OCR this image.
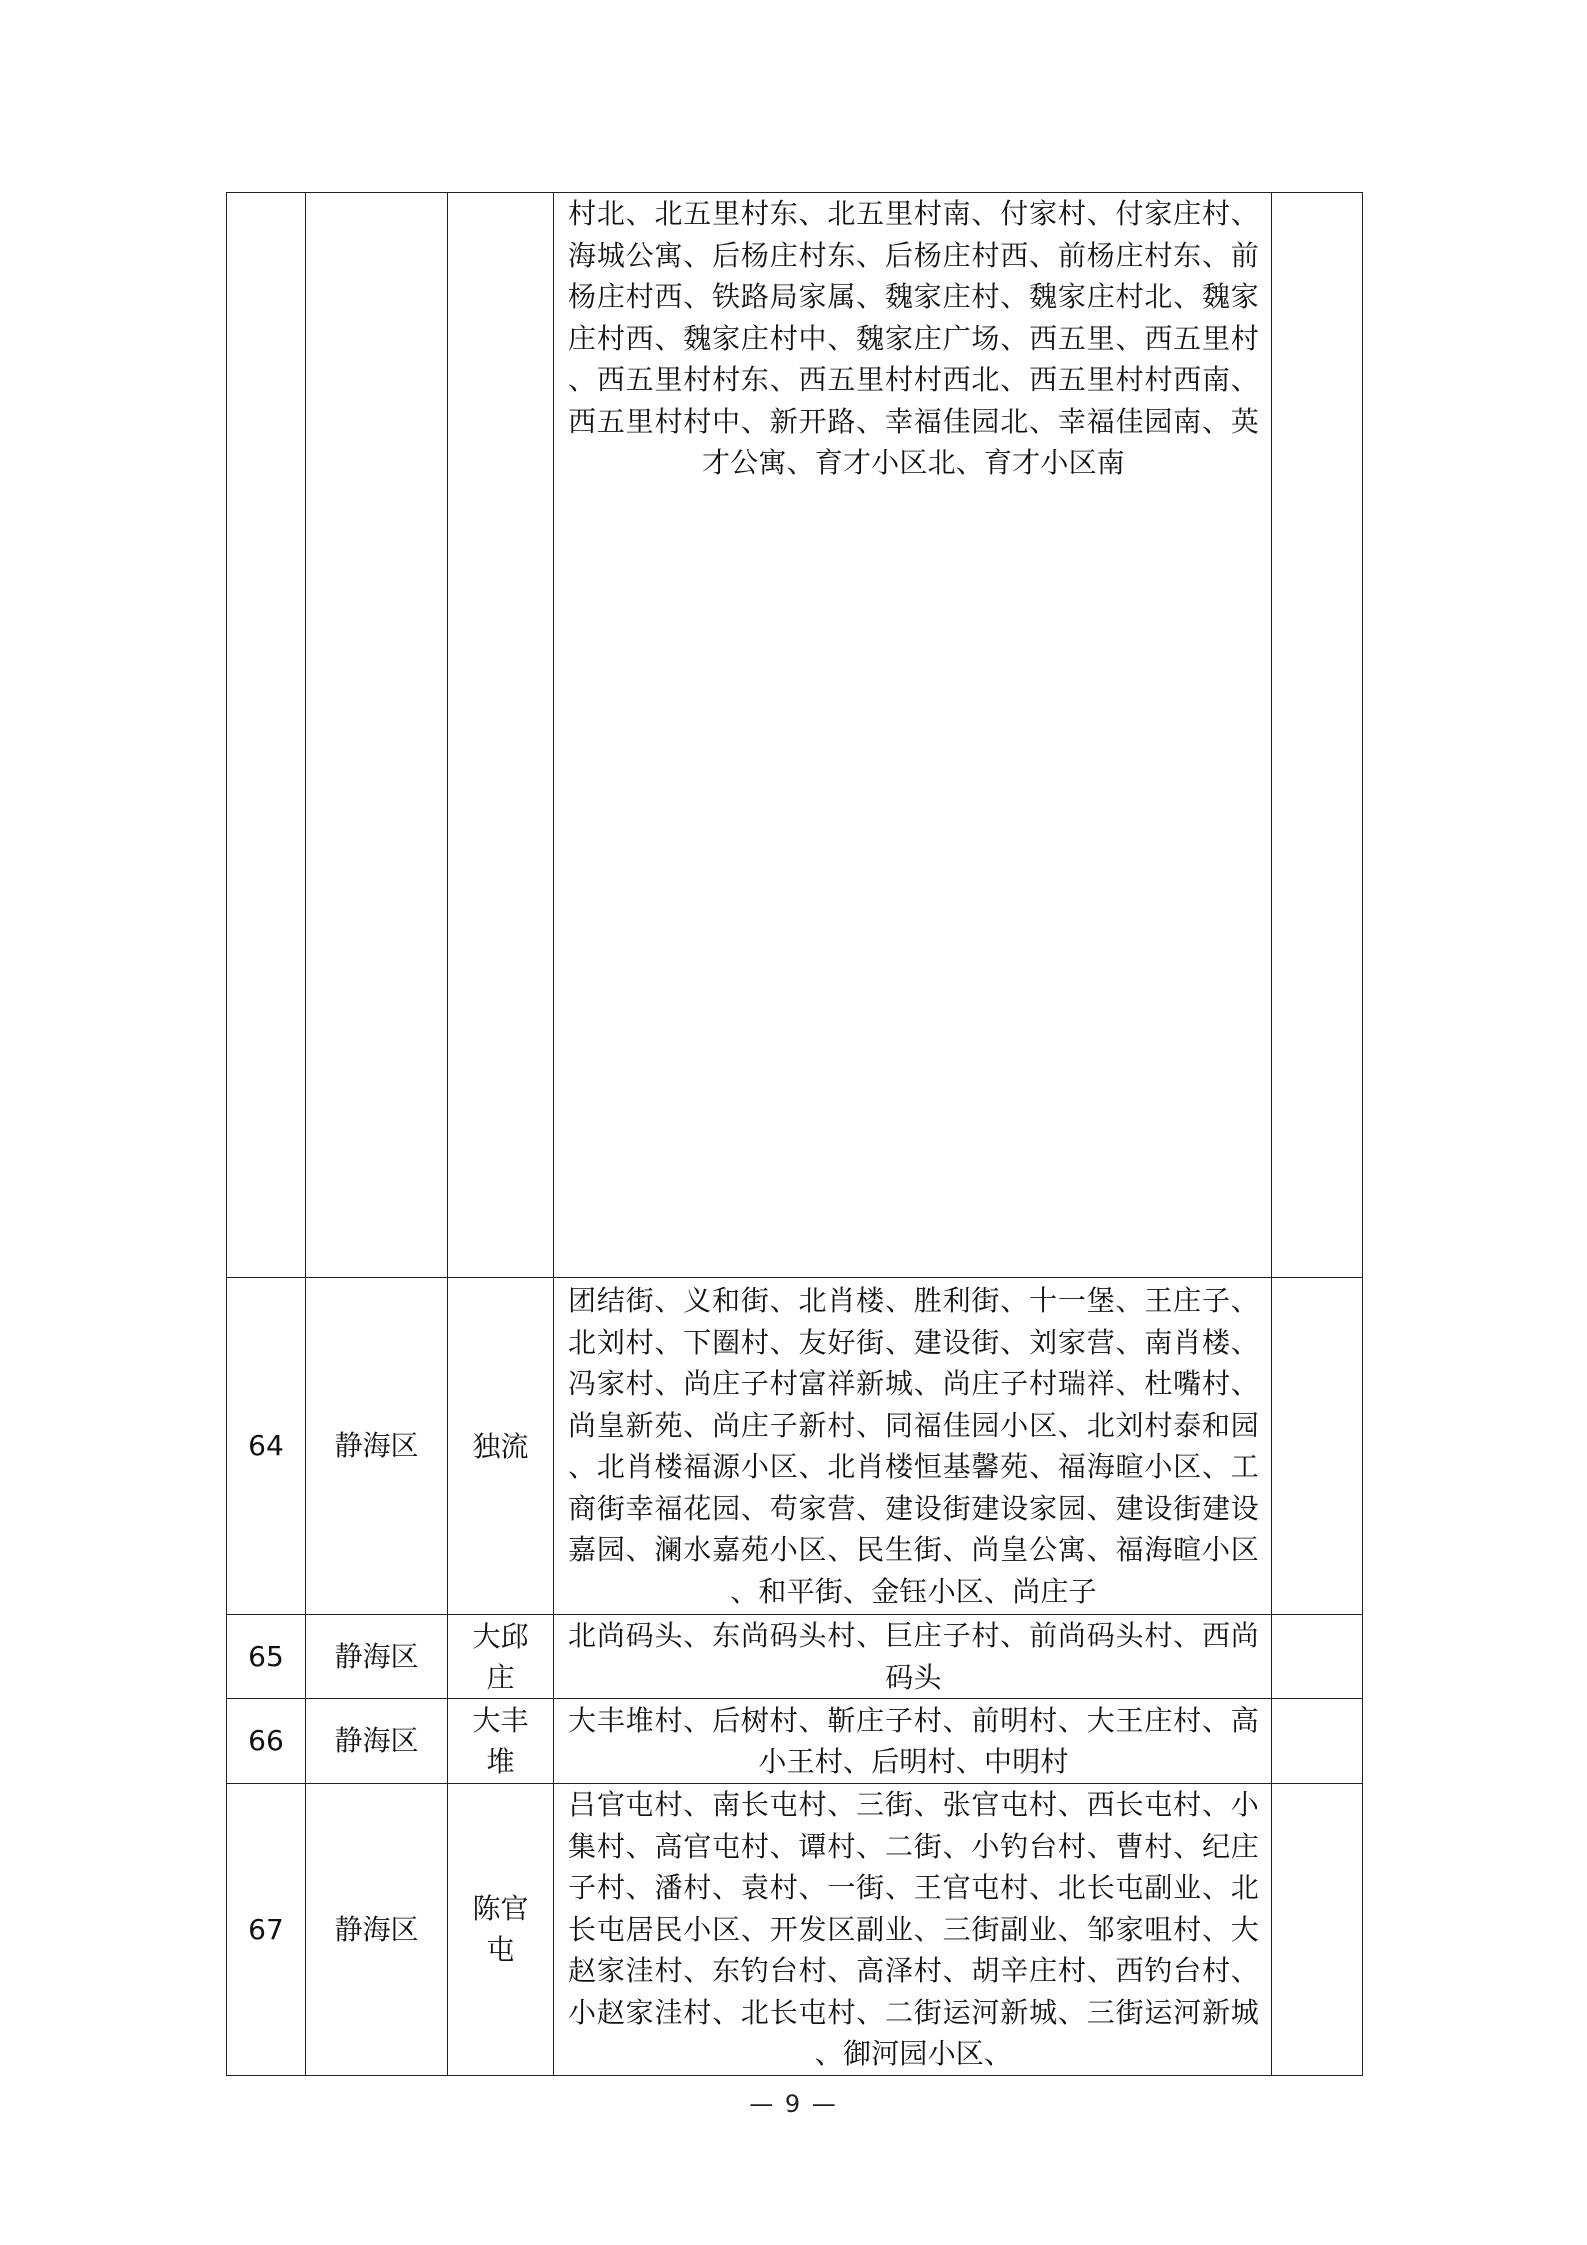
			村北、北五里村东、北五里村南、付家村、付家庄村、海城公寓、后杨庄村东、后杨庄村西、前杨庄村东、前杨庄村西、铁路局家属、魏家庄村、魏家庄村北、魏家庄村西、魏家庄村中、魏家庄广场、西五里、西五里村、西五里村村东、西五里村村西北、西五里村村西南、西五里村村中、新开路、幸福佳园北、幸福佳园南、英才公寓、育才小区北、育才小区南	
64	静海区	独流	团结街、义和街、北肖楼、胜利街、十一堡、王庄子、北刘村、下圈村、友好街、建设街、刘家营、南肖楼、冯家村、尚庄子村富祥新城、尚庄子村瑞祥、杜嘴村、尚皇新苑、尚庄子新村、同福佳园小区、北刘村泰和园、北肖楼福源小区、北肖楼恒基馨苑、福海暄小区、工商街幸福花园、苟家营、建设街建设家园、建设街建设嘉园、澜水嘉苑小区、民生街、尚皇公寓、福海暄小区、和平街、金钰小区、尚庄子	
65	静海区	大邱庄	北尚码头、东尚码头村、巨庄子村、前尚码头村、西尚码头	
66	静海区	大丰堆	大丰堆村、后树村、靳庄子村、前明村、大王庄村、高小王村、后明村、中明村	
67	静海区	陈官屯	吕官屯村、南长屯村、三街、张官屯村、西长屯村、小集村、高官屯村、谭村、二街、小钓台村、曹村、纪庄子村、潘村、袁村、一街、王官屯村、北长屯副业、北长屯居民小区、开发区副业、三街副业、邹家咀村、大赵家洼村、东钓台村、高泽村、胡辛庄村、西钓台村、小赵家洼村、北长屯村、二街运河新城、三街运河新城、御河园小区、	
— 9 —
